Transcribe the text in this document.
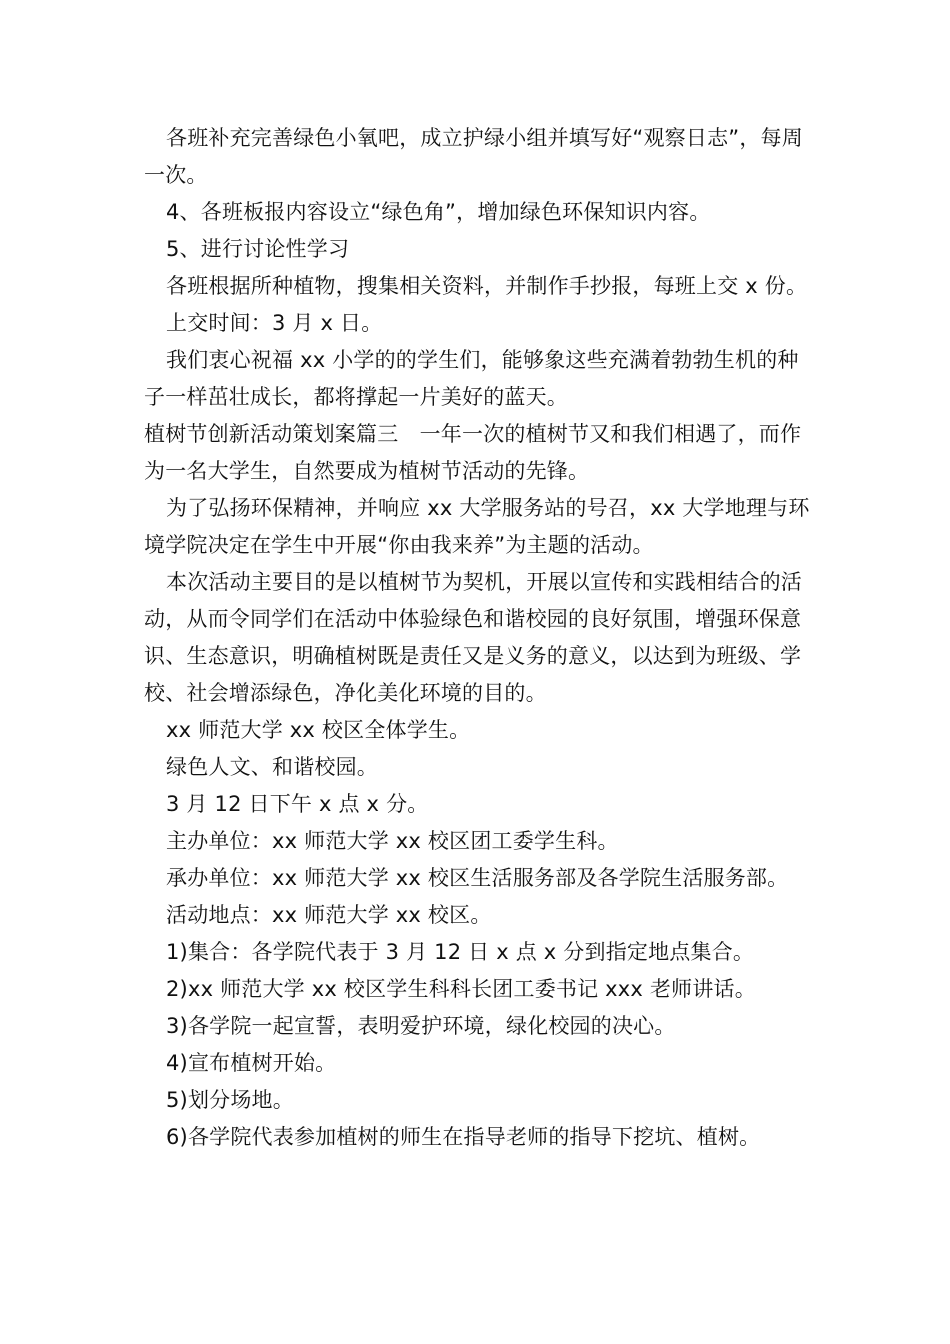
各班补充完善绿色小氧吧，成立护绿小组并填写好“观察日志”，每周一次。

4、各班板报内容设立“绿色角”，增加绿色环保知识内容。

5、进行讨论性学习

各班根据所种植物，搜集相关资料，并制作手抄报，每班上交 x 份。

上交时间：3 月 x 日。

我们衷心祝福 xx 小学的的学生们，能够象这些充满着勃勃生机的种子一样茁壮成长，都将撑起一片美好的蓝天。

植树节创新活动策划案篇三　一年一次的植树节又和我们相遇了，而作为一名大学生，自然要成为植树节活动的先锋。

为了弘扬环保精神，并响应 xx 大学服务站的号召，xx 大学地理与环境学院决定在学生中开展“你由我来养”为主题的活动。

本次活动主要目的是以植树节为契机，开展以宣传和实践相结合的活动，从而令同学们在活动中体验绿色和谐校园的良好氛围，增强环保意识、生态意识，明确植树既是责任又是义务的意义，以达到为班级、学校、社会增添绿色，净化美化环境的目的。

xx 师范大学 xx 校区全体学生。

绿色人文、和谐校园。

3 月 12 日下午 x 点 x 分。

主办单位：xx 师范大学 xx 校区团工委学生科。

承办单位：xx 师范大学 xx 校区生活服务部及各学院生活服务部。

活动地点：xx 师范大学 xx 校区。

1)集合：各学院代表于 3 月 12 日 x 点 x 分到指定地点集合。

2)xx 师范大学 xx 校区学生科科长团工委书记 xxx 老师讲话。

3)各学院一起宣誓，表明爱护环境，绿化校园的决心。

4)宣布植树开始。

5)划分场地。

6)各学院代表参加植树的师生在指导老师的指导下挖坑、植树。
